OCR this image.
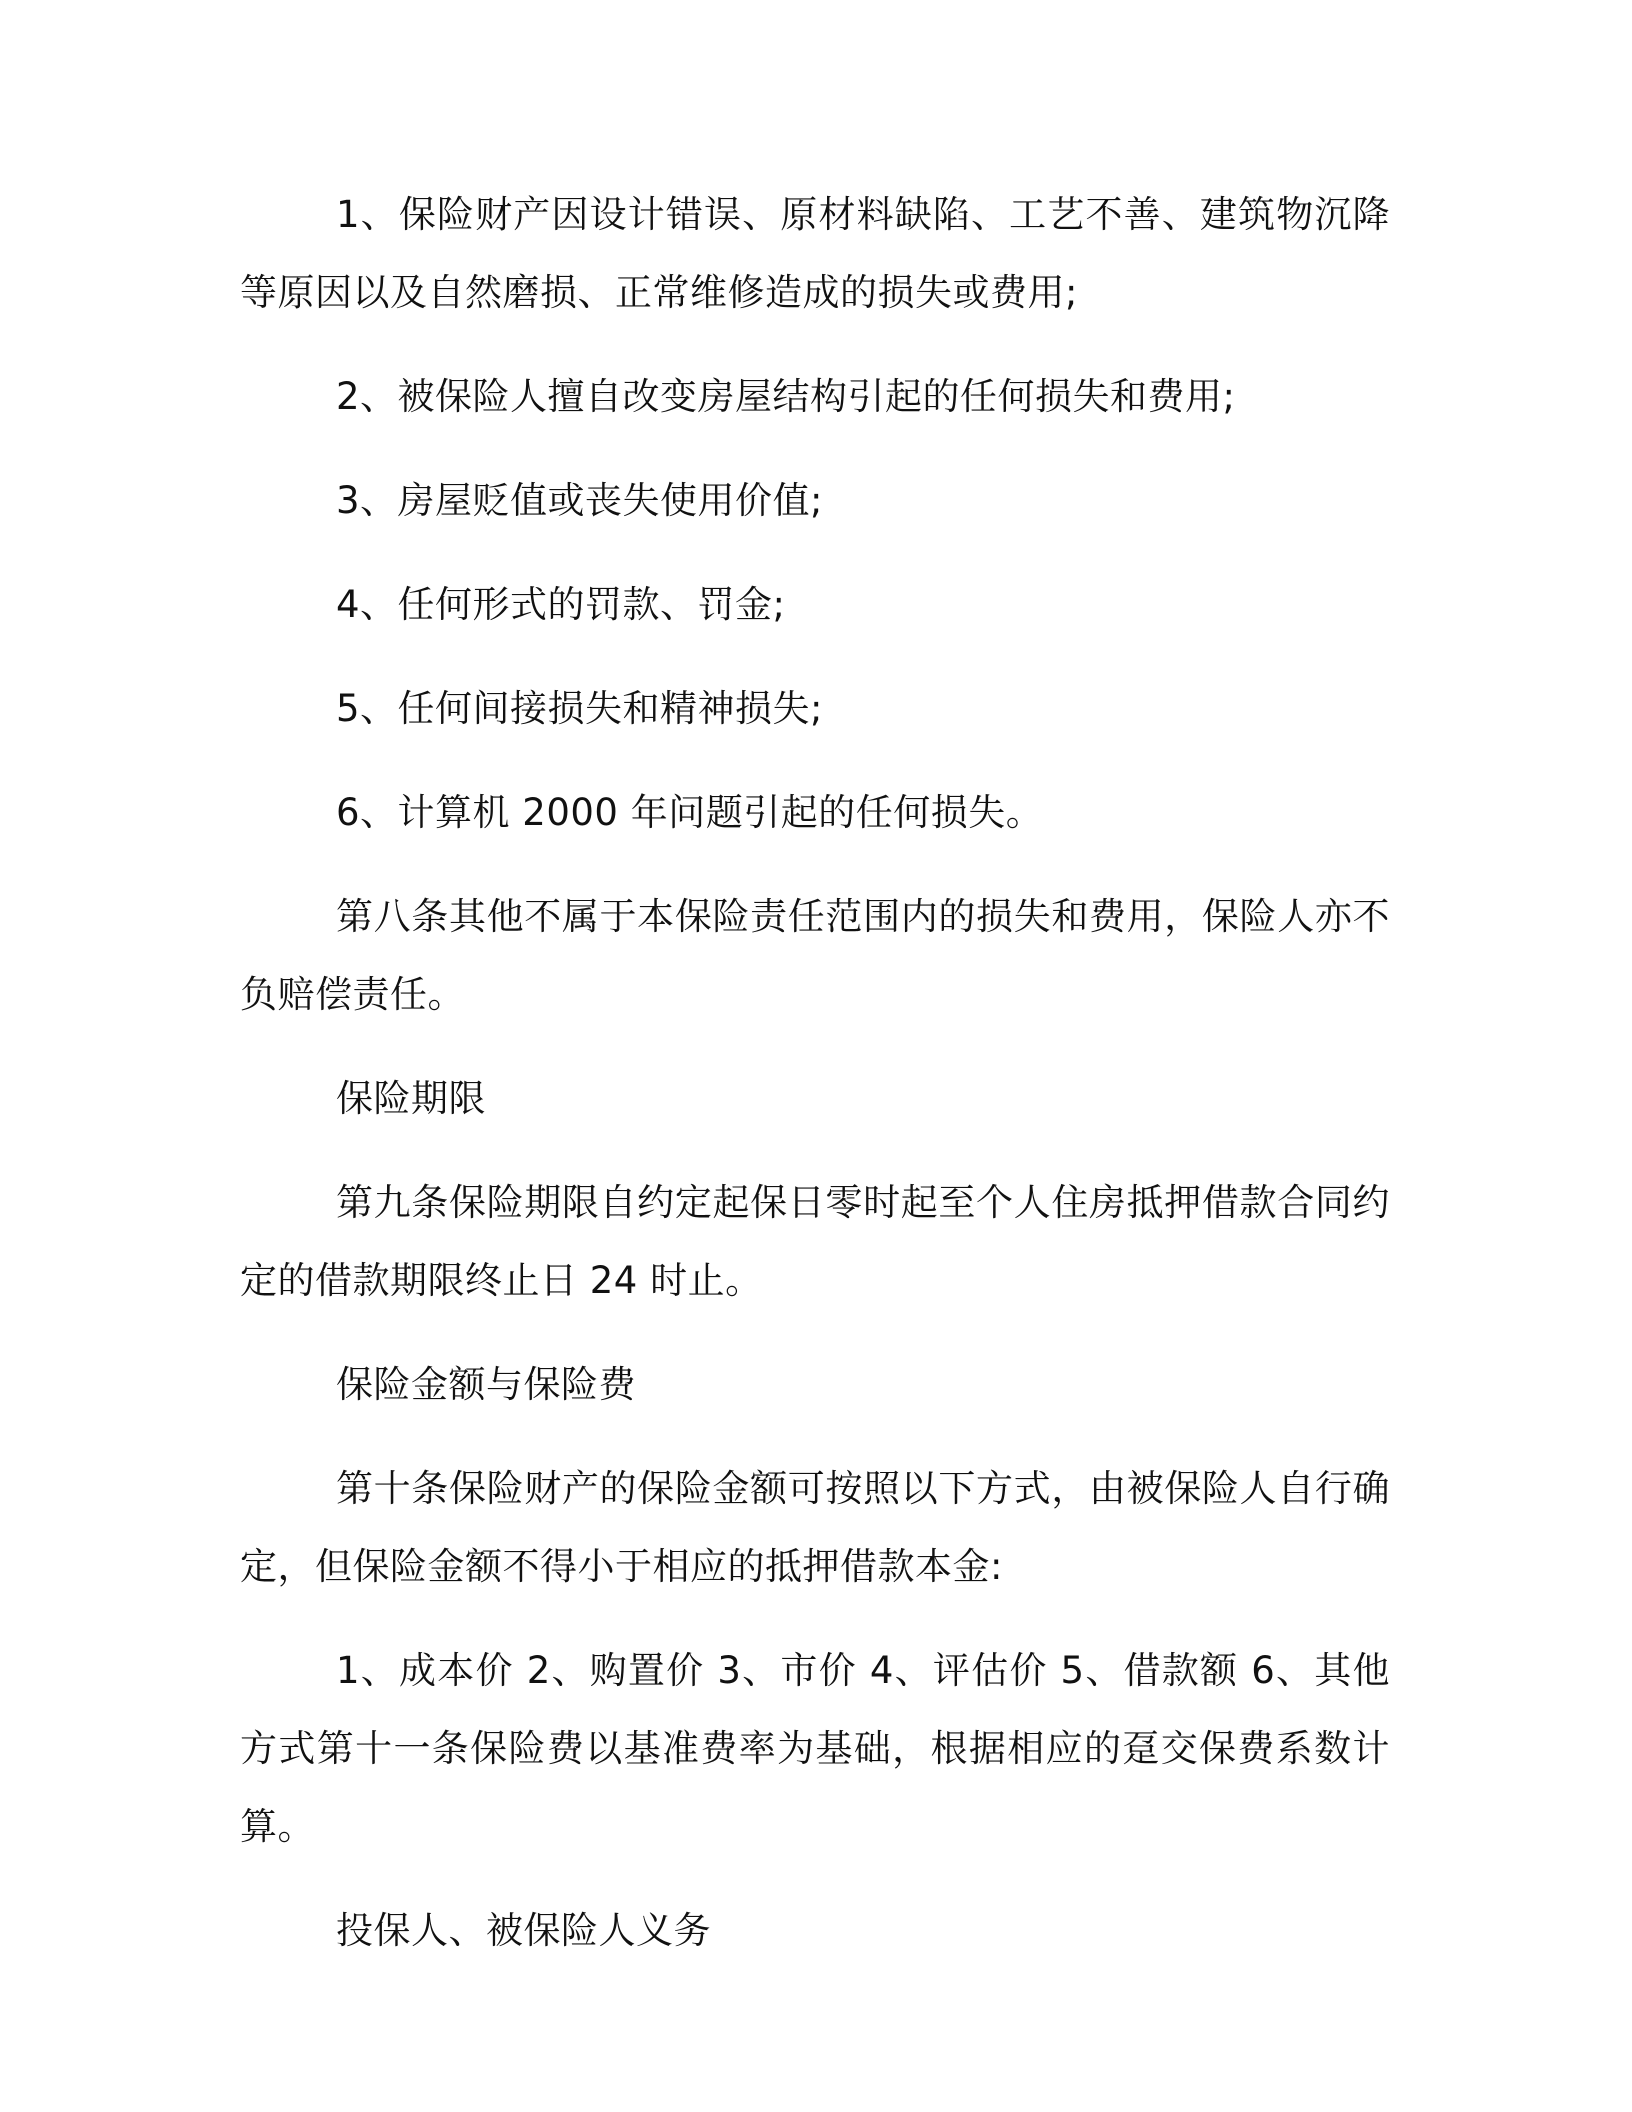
1、保险财产因设计错误、原材料缺陷、工艺不善、建筑物沉降等原因以及自然磨损、正常维修造成的损失或费用;

2、被保险人擅自改变房屋结构引起的任何损失和费用;

3、房屋贬值或丧失使用价值;

4、任何形式的罚款、罚金;

5、任何间接损失和精神损失;

6、计算机 2000 年问题引起的任何损失。

第八条其他不属于本保险责任范围内的损失和费用，保险人亦不负赔偿责任。

保险期限

第九条保险期限自约定起保日零时起至个人住房抵押借款合同约定的借款期限终止日 24 时止。

保险金额与保险费

第十条保险财产的保险金额可按照以下方式，由被保险人自行确定，但保险金额不得小于相应的抵押借款本金:

1、成本价 2、购置价 3、市价 4、评估价 5、借款额 6、其他方式第十一条保险费以基准费率为基础，根据相应的趸交保费系数计算。

投保人、被保险人义务
